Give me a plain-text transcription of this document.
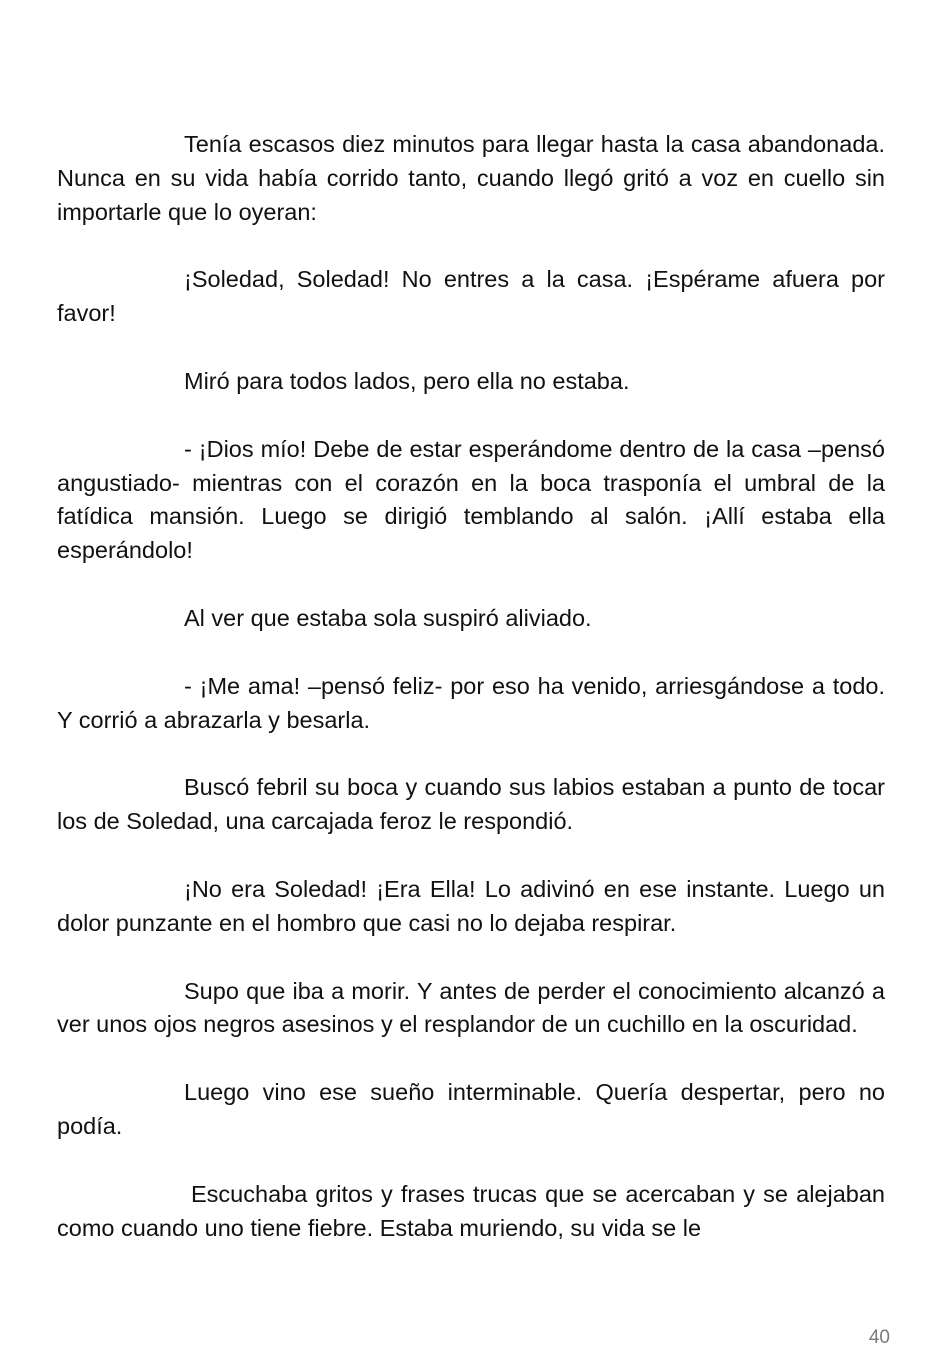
Tenía escasos diez minutos para llegar hasta la casa abandonada. Nunca en su vida había corrido tanto, cuando llegó gritó a voz en cuello sin importarle que lo oyeran:

¡Soledad, Soledad! No entres a la casa. ¡Espérame afuera por favor!

Miró para todos lados, pero ella no estaba.

- ¡Dios mío! Debe de estar esperándome dentro de la casa –pensó angustiado- mientras con el corazón en la boca trasponía el umbral de la fatídica mansión. Luego se dirigió temblando al salón. ¡Allí estaba ella esperándolo!

Al ver que estaba sola suspiró aliviado.

- ¡Me ama! –pensó feliz- por eso ha venido, arriesgándose a todo. Y corrió a abrazarla y besarla.

Buscó febril su boca y cuando sus labios estaban a punto de tocar los de Soledad, una carcajada feroz le respondió.

¡No era Soledad! ¡Era Ella! Lo adivinó en ese instante. Luego un dolor punzante en el hombro que casi no lo dejaba respirar.

Supo que iba a morir. Y antes de perder el conocimiento alcanzó a ver unos ojos negros asesinos y el resplandor de un cuchillo en la oscuridad.

Luego vino ese sueño interminable. Quería despertar, pero no podía.

Escuchaba gritos y frases trucas que se acercaban y se alejaban como cuando uno tiene fiebre. Estaba muriendo, su vida se le

40
